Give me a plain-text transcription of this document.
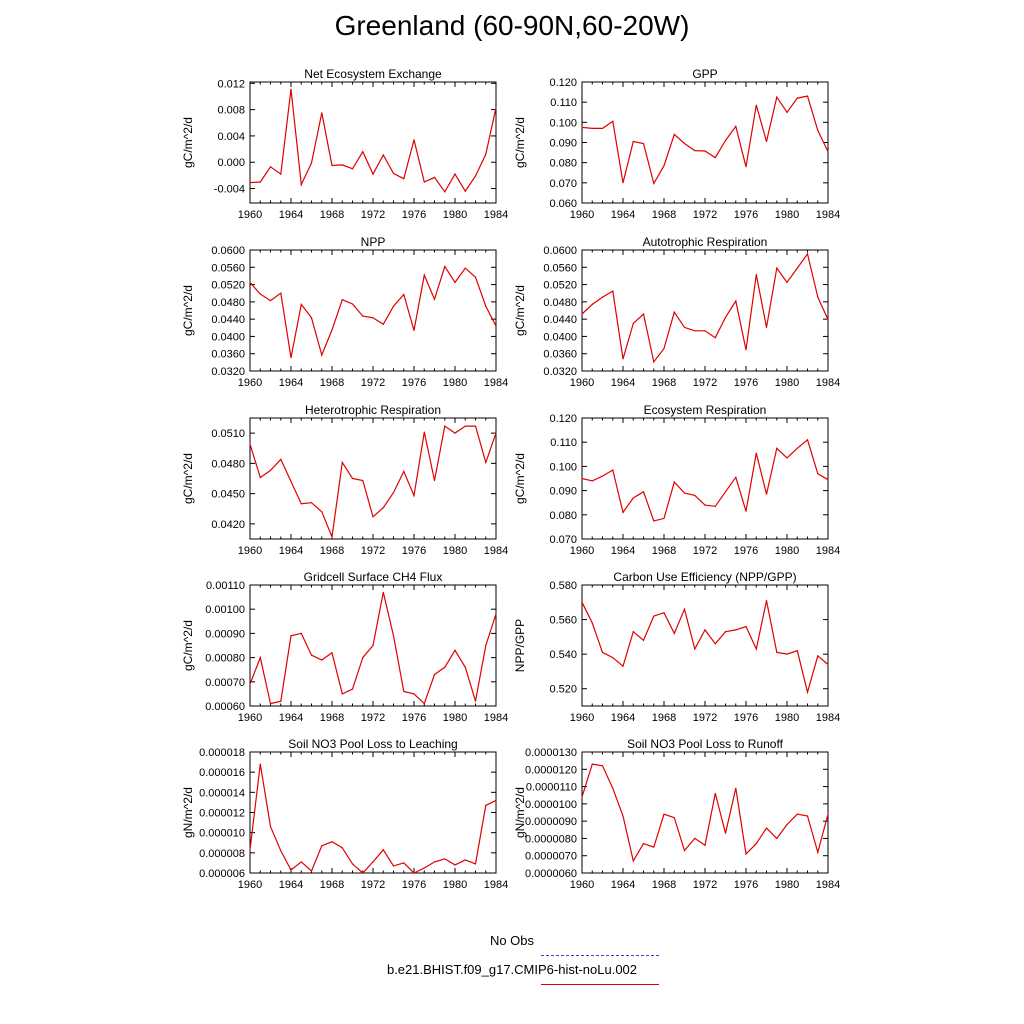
Greenland (60-90N,60-20W)
Net Ecosystem Exchange
gC/m^2/d
1960 1964 1968 1972 1976 1980 1984
-0.004
0.000
0.004
0.008
0.012
GPP
gC/m^2/d
1960 1964 1968 1972 1976 1980 1984
0.060
0.070
0.080
0.090
0.100
0.110
0.120
NPP
gC/m^2/d
1960 1964 1968 1972 1976 1980 1984
0.0320
0.0360
0.0400
0.0440
0.0480
0.0520
0.0560
0.0600
Autotrophic Respiration
gC/m^2/d
1960 1964 1968 1972 1976 1980 1984
0.0320
0.0360
0.0400
0.0440
0.0480
0.0520
0.0560
0.0600
Heterotrophic Respiration
gC/m^2/d
1960 1964 1968 1972 1976 1980 1984
0.0420
0.0450
0.0480
0.0510
Ecosystem Respiration
gC/m^2/d
1960 1964 1968 1972 1976 1980 1984
0.070
0.080
0.090
0.100
0.110
0.120
Gridcell Surface CH4 Flux
gC/m^2/d
1960 1964 1968 1972 1976 1980 1984
0.00060
0.00070
0.00080
0.00090
0.00100
0.00110
Carbon Use Efficiency (NPP/GPP)
NPP/GPP
1960 1964 1968 1972 1976 1980 1984
0.520
0.540
0.560
0.580
Soil NO3 Pool Loss to Leaching
gN/m^2/d
1960 1964 1968 1972 1976 1980 1984
0.000006
0.000008
0.000010
0.000012
0.000014
0.000016
0.000018
Soil NO3 Pool Loss to Runoff
gN/m^2/d
1960 1964 1968 1972 1976 1980 1984
0.0000060
0.0000070
0.0000080
0.0000090
0.0000100
0.0000110
0.0000120
0.0000130
No Obs
b.e21.BHIST.f09_g17.CMIP6-hist-noLu.002
